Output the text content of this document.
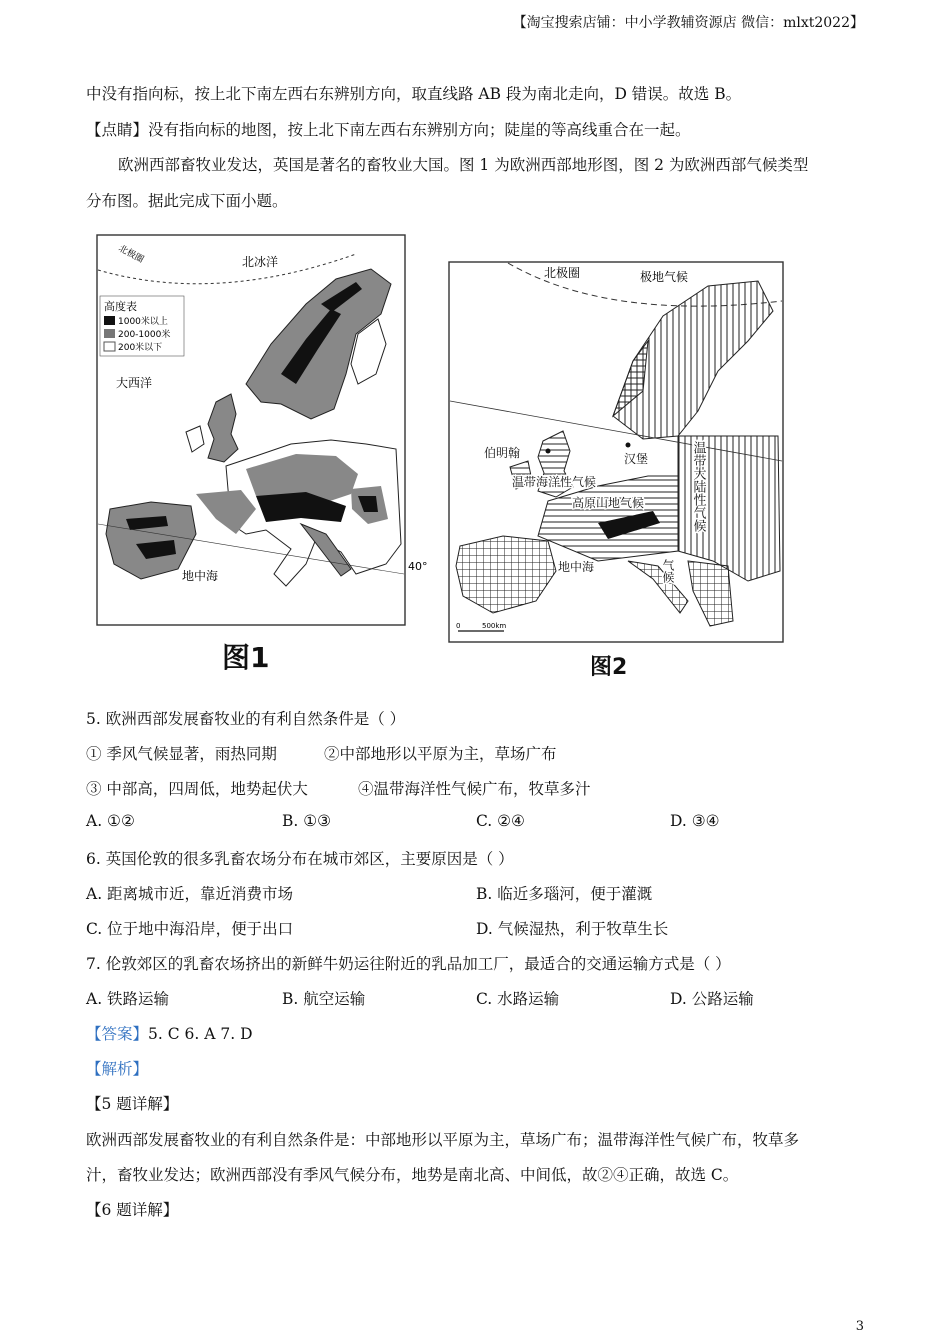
【淘宝搜索店铺：中小学教辅资源店 微信：mlxt2022】
中没有指向标，按上北下南左西右东辨别方向，取直线路 AB 段为南北走向，D 错误。故选 B。
【点睛】没有指向标的地图，按上北下南左西右东辨别方向；陡崖的等高线重合在一起。
欧洲西部畜牧业发达，英国是著名的畜牧业大国。图 1 为欧洲西部地形图，图 2 为欧洲西部气候类型
分布图。据此完成下面小题。
北极圈	北冰洋
地中海
大西洋
40°
高度表
1000米以上
200-1000米
200米以下
图1
北极圈	极地气候
伯明翰	汉堡
温带海洋性气候
高原山地气候	温带大陆性气候
地中海	气候
0	500km
图2
5. 欧洲西部发展畜牧业的有利自然条件是（ ）
① 季风气候显著，雨热同期	②中部地形以平原为主，草场广布
③ 中部高，四周低，地势起伏大	④温带海洋性气候广布，牧草多汁
A. ①②	B. ①③	C. ②④	D. ③④
6. 英国伦敦的很多乳畜农场分布在城市郊区，主要原因是（ ）
A. 距离城市近，靠近消费市场	B. 临近多瑙河，便于灌溉
C. 位于地中海沿岸，便于出口	D. 气候湿热，利于牧草生长
7. 伦敦郊区的乳畜农场挤出的新鲜牛奶运往附近的乳品加工厂，最适合的交通运输方式是（ ）
A. 铁路运输	B. 航空运输	C. 水路运输	D. 公路运输
【答案】5. C 6. A 7. D
【解析】
【5 题详解】
欧洲西部发展畜牧业的有利自然条件是：中部地形以平原为主，草场广布；温带海洋性气候广布，牧草多
汁，畜牧业发达；欧洲西部没有季风气候分布，地势是南北高、中间低，故②④正确，故选 C。
【6 题详解】
3
